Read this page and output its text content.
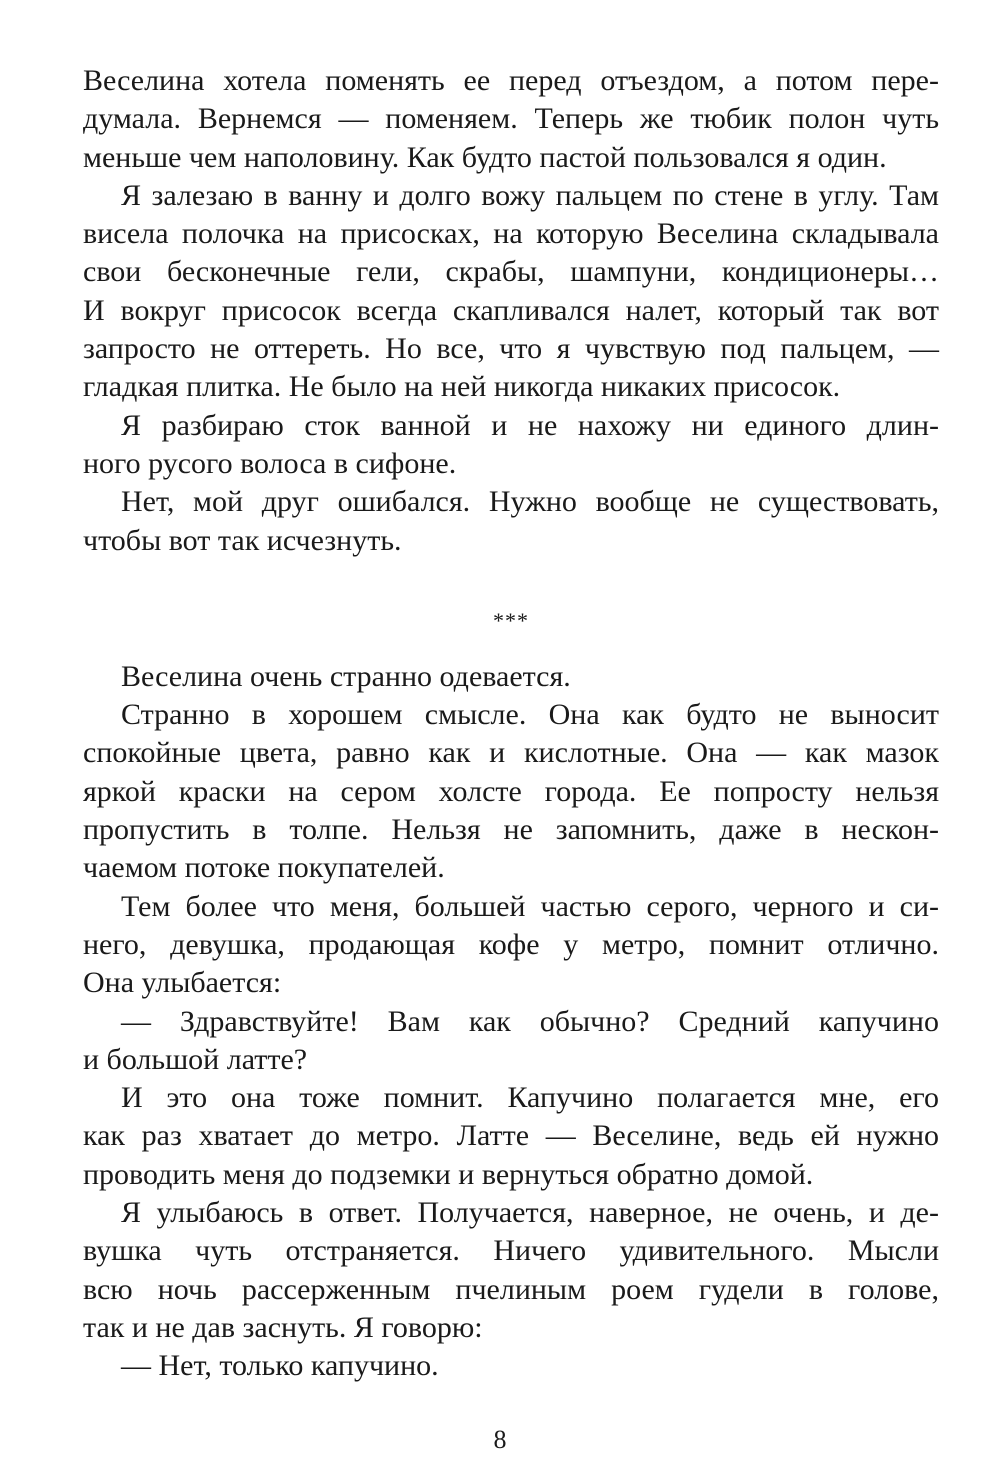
Веселина хотела поменять ее перед отъездом, а потом пере-
думала. Вернемся — поменяем. Теперь же тюбик полон чуть
меньше чем наполовину. Как будто пастой пользовался я один.
Я залезаю в ванну и долго вожу пальцем по стене в углу. Там
висела полочка на присосках, на которую Веселина складывала
свои бесконечные гели, скрабы, шампуни, кондиционеры…
И вокруг присосок всегда скапливался налет, который так вот
запросто не оттереть. Но все, что я чувствую под пальцем, —
гладкая плитка. Не было на ней никогда никаких присосок.
Я разбираю сток ванной и не нахожу ни единого длин-
ного русого волоса в сифоне.
Нет, мой друг ошибался. Нужно вообще не существовать,
чтобы вот так исчезнуть.
***
Веселина очень странно одевается.
Странно в хорошем смысле. Она как будто не выносит
спокойные цвета, равно как и кислотные. Она — как мазок
яркой краски на сером холсте города. Ее попросту нельзя
пропустить в толпе. Нельзя не запомнить, даже в нескон-
чаемом потоке покупателей.
Тем более что меня, большей частью серого, черного и си-
него, девушка, продающая кофе у метро, помнит отлично.
Она улыбается:
— Здравствуйте! Вам как обычно? Средний капучино
и большой латте?
И это она тоже помнит. Капучино полагается мне, его
как раз хватает до метро. Латте — Веселине, ведь ей нужно
проводить меня до подземки и вернуться обратно домой.
Я улыбаюсь в ответ. Получается, наверное, не очень, и де-
вушка чуть отстраняется. Ничего удивительного. Мысли
всю ночь рассерженным пчелиным роем гудели в голове,
так и не дав заснуть. Я говорю:
— Нет, только капучино.
8
